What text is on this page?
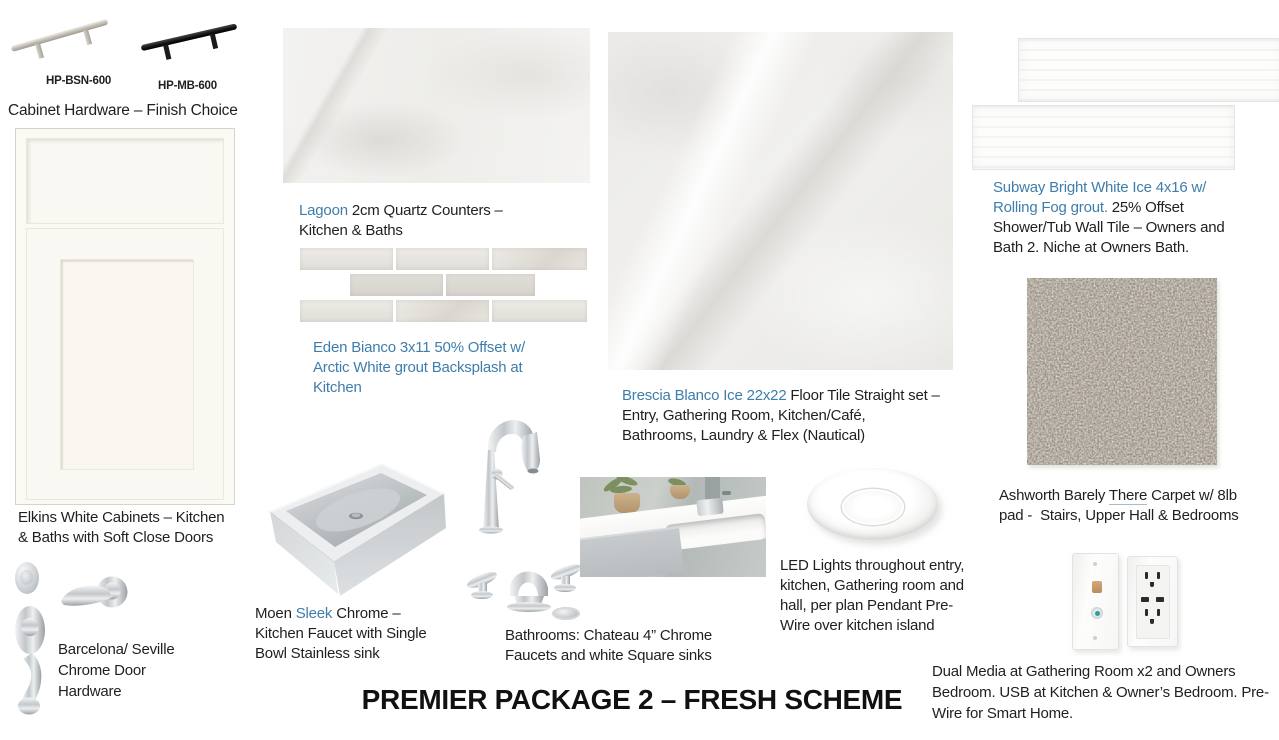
HP-BSN-600	HP-MB-600
Cabinet Hardware – Finish Choice
Elkins White Cabinets – Kitchen
& Baths with Soft Close Doors
Barcelona/ Seville
Chrome Door
Hardware
Lagoon 2cm Quartz Counters –
Kitchen & Baths
Eden Bianco 3x11 50% Offset w/
Arctic White grout Backsplash at
Kitchen
Moen Sleek Chrome –
Kitchen Faucet with Single
Bowl Stainless sink
Bathrooms: Chateau 4” Chrome
Faucets and white Square sinks
Brescia Blanco Ice 22x22 Floor Tile Straight set –
Entry, Gathering Room, Kitchen/Café,
Bathrooms, Laundry & Flex (Nautical)
Subway Bright White Ice 4x16 w/
Rolling Fog grout. 25% Offset
Shower/Tub Wall Tile – Owners and
Bath 2. Niche at Owners Bath.
Ashworth Barely There Carpet w/ 8lb
pad -  Stairs, Upper Hall & Bedrooms
LED Lights throughout entry,
kitchen, Gathering room and
hall, per plan Pendant Pre-
Wire over kitchen island
Dual Media at Gathering Room x2 and Owners
Bedroom. USB at Kitchen & Owner’s Bedroom. Pre-
Wire for Smart Home.
PREMIER PACKAGE 2 – FRESH SCHEME
